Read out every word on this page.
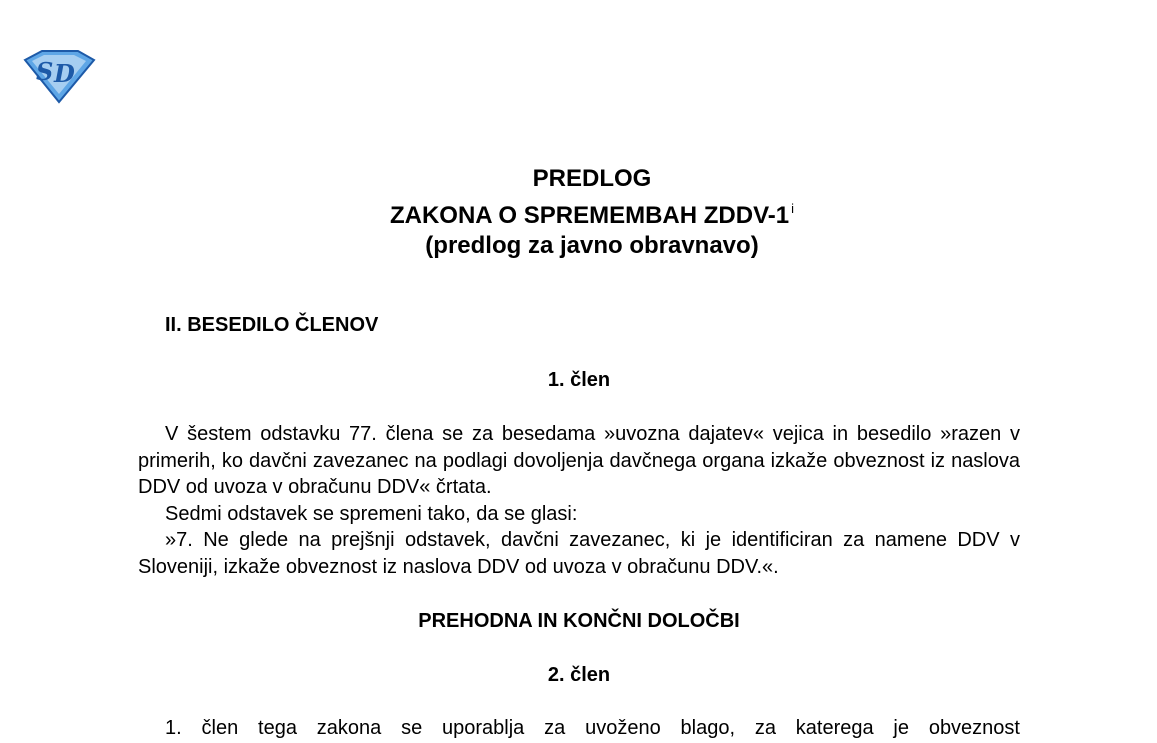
S D
PREDLOG
ZAKONA O SPREMEMBAH ZDDV-1 $^i$
(predlog za javno obravnavo)
II. BESEDILO ČLENOV
1. člen

V šestem odstavku 77. člena se za besedama »uvozna dajatev« vejica in besedilo »razen v primerih, ko davčni zavezanec na podlagi dovoljenja davčnega organa izkaže obveznost iz naslova DDV od uvoza v obračunu DDV« črtata.

Sedmi odstavek se spremeni tako, da se glasi:

»7. Ne glede na prejšnji odstavek, davčni zavezanec, ki je identificiran za namene DDV v Sloveniji, izkaže obveznost iz naslova DDV od uvoza v obračunu DDV.«.

PREHODNA IN KONČNI DOLOČBI
2. člen

1. člen tega zakona se uporablja za uvoženo blago, za katerega je obveznost
